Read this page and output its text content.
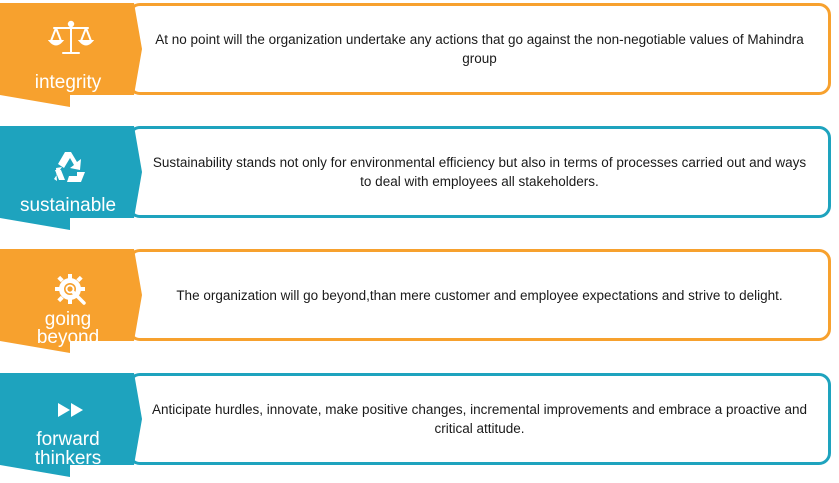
At no point will the organization undertake any actions that go against the non-negotiable values of Mahindra group
integrity
Sustainability stands not only for environmental efficiency but also in terms of processes carried out and ways to deal with employees all stakeholders.
sustainable
The organization will go beyond,than mere customer and employee expectations and strive to delight.
going
beyond
Anticipate hurdles, innovate, make positive changes, incremental improvements and embrace a proactive and critical attitude.
forward
thinkers
